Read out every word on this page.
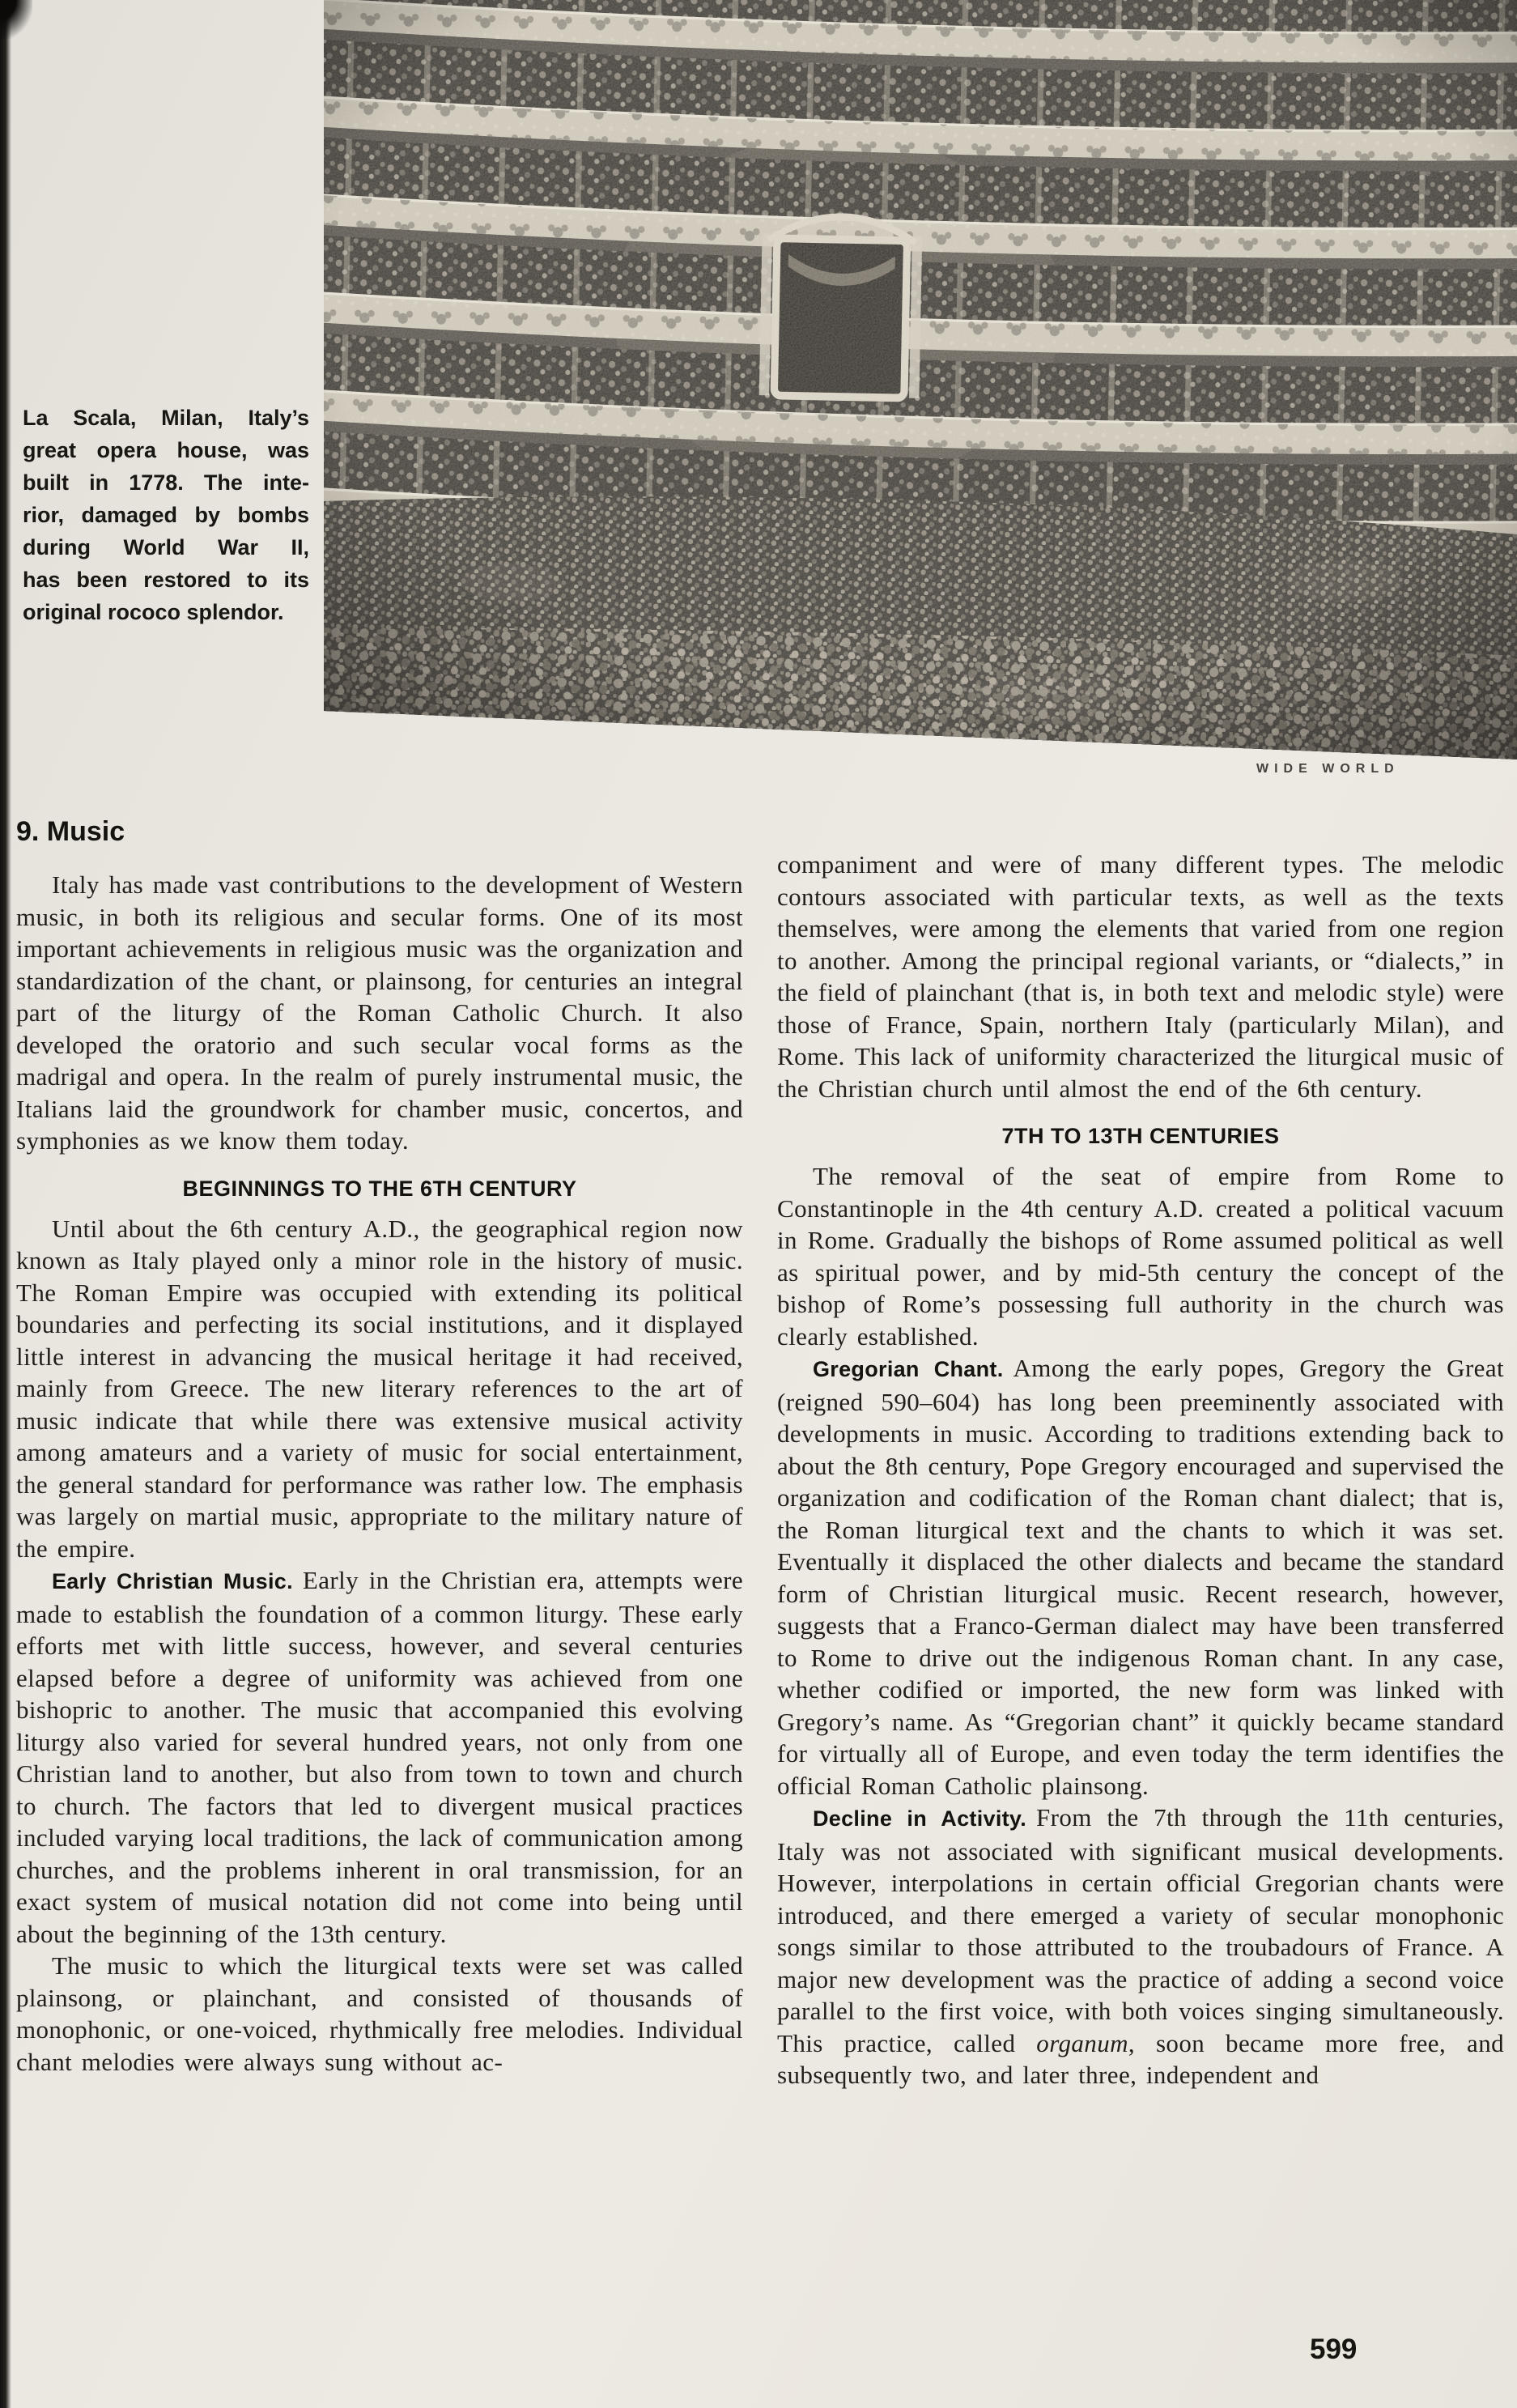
La Scala, Milan, Italy’s
great opera house, was
built in 1778. The inte-
rior, damaged by bombs
during World War II,
has been restored to its
original rococo splendor.
WIDE WORLD
9. Music

Italy has made vast contributions to the development of Western music, in both its religious and secular forms. One of its most important achievements in religious music was the organization and standardization of the chant, or plainsong, for centuries an integral part of the liturgy of the Roman Catholic Church. It also developed the oratorio and such secular vocal forms as the madrigal and opera. In the realm of purely instrumental music, the Italians laid the groundwork for chamber music, concertos, and symphonies as we know them today.

BEGINNINGS TO THE 6TH CENTURY

Until about the 6th century A.D., the geographical region now known as Italy played only a minor role in the history of music. The Roman Empire was occupied with extending its political boundaries and perfecting its social institutions, and it displayed little interest in advancing the musical heritage it had received, mainly from Greece. The new literary references to the art of music indicate that while there was extensive musical activity among amateurs and a variety of music for social entertainment, the general standard for performance was rather low. The emphasis was largely on martial music, appropriate to the military nature of the empire.

Early Christian Music. Early in the Christian era, attempts were made to establish the foundation of a common liturgy. These early efforts met with little success, however, and several centuries elapsed before a degree of uniformity was achieved from one bishopric to another. The music that accompanied this evolving liturgy also varied for several hundred years, not only from one Christian land to another, but also from town to town and church to church. The factors that led to divergent musical practices included varying local traditions, the lack of communication among churches, and the problems inherent in oral transmission, for an exact system of musical notation did not come into being until about the beginning of the 13th century.

The music to which the liturgical texts were set was called plainsong, or plainchant, and consisted of thousands of monophonic, or one-voiced, rhythmically free melodies. Individual chant melodies were always sung without ac-

companiment and were of many different types. The melodic contours associated with particular texts, as well as the texts themselves, were among the elements that varied from one region to another. Among the principal regional variants, or “dialects,” in the field of plainchant (that is, in both text and melodic style) were those of France, Spain, northern Italy (particularly Milan), and Rome. This lack of uniformity characterized the liturgical music of the Christian church until almost the end of the 6th century.

7TH TO 13TH CENTURIES

The removal of the seat of empire from Rome to Constantinople in the 4th century A.D. created a political vacuum in Rome. Gradually the bishops of Rome assumed political as well as spiritual power, and by mid-5th century the concept of the bishop of Rome’s possessing full authority in the church was clearly established.

Gregorian Chant. Among the early popes, Gregory the Great (reigned 590–604) has long been preeminently associated with developments in music. According to traditions extending back to about the 8th century, Pope Gregory encouraged and supervised the organization and codification of the Roman chant dialect; that is, the Roman liturgical text and the chants to which it was set. Eventually it displaced the other dialects and became the standard form of Christian liturgical music. Recent research, however, suggests that a Franco-German dialect may have been transferred to Rome to drive out the indigenous Roman chant. In any case, whether codified or imported, the new form was linked with Gregory’s name. As “Gregorian chant” it quickly became standard for virtually all of Europe, and even today the term identifies the official Roman Catholic plainsong.

Decline in Activity. From the 7th through the 11th centuries, Italy was not associated with significant musical developments. However, interpolations in certain official Gregorian chants were introduced, and there emerged a variety of secular monophonic songs similar to those attributed to the troubadours of France. A major new development was the practice of adding a second voice parallel to the first voice, with both voices singing simultaneously. This practice, called organum, soon became more free, and subsequently two, and later three, independent and

599
